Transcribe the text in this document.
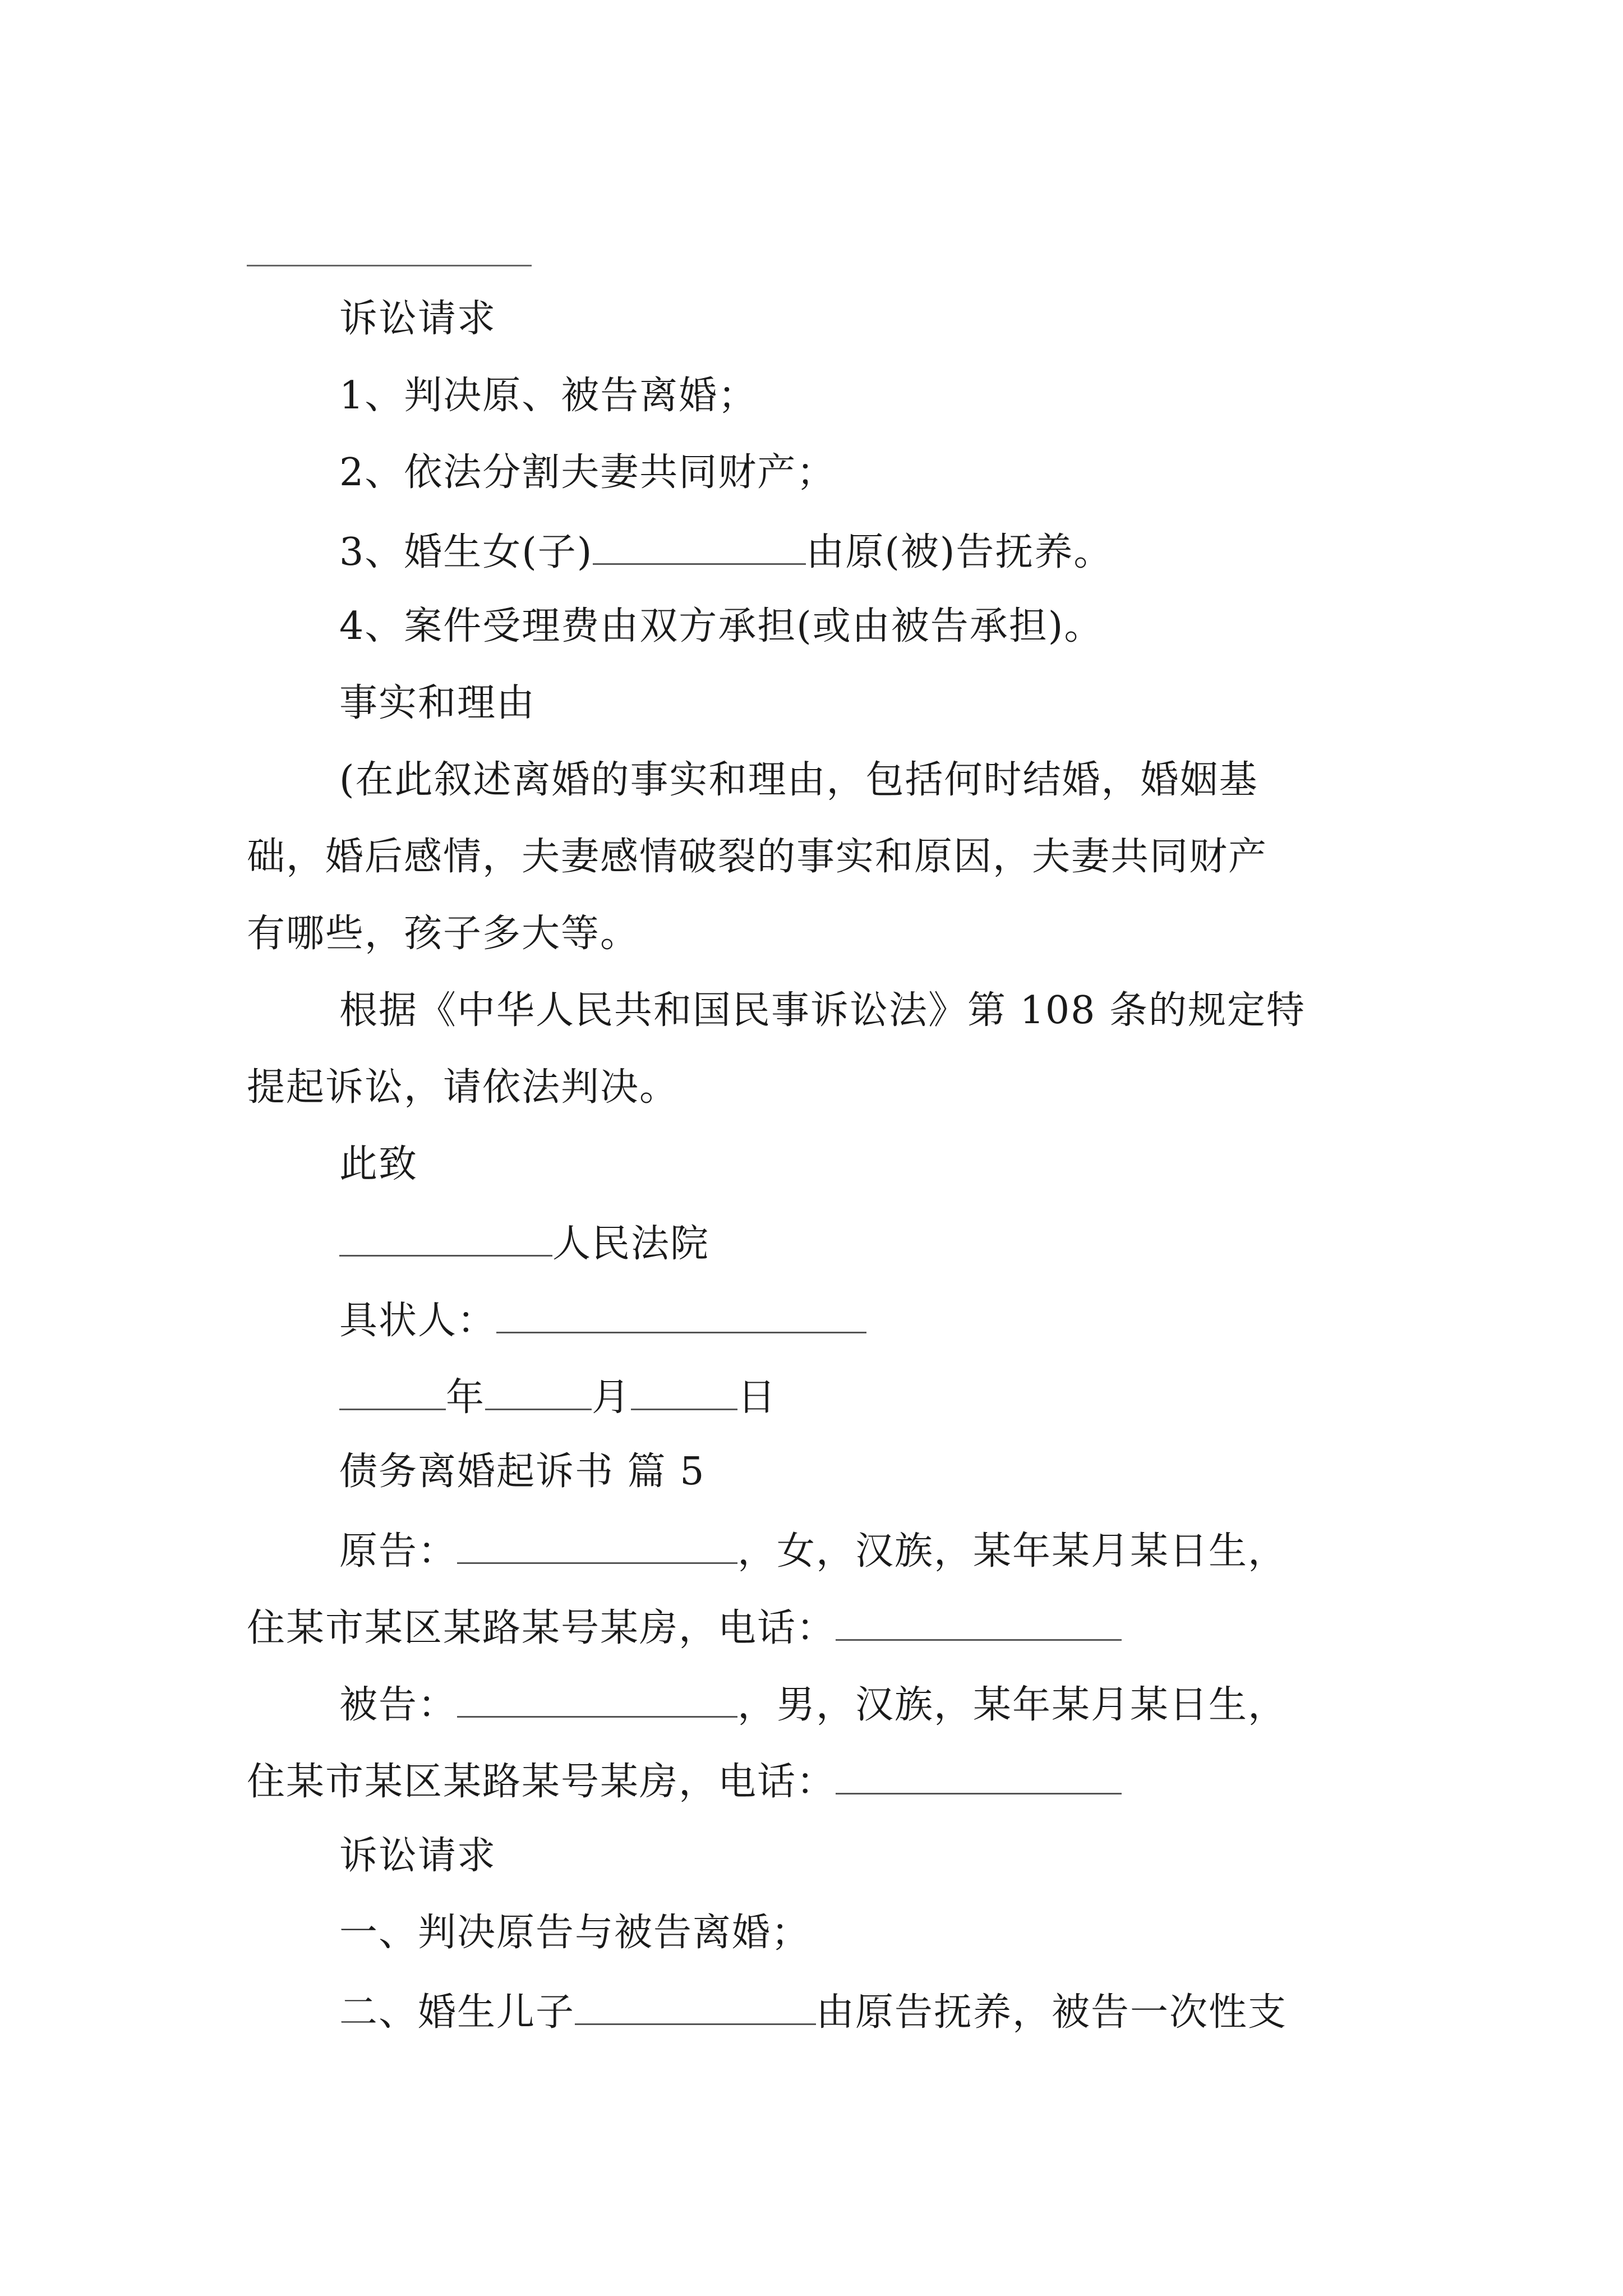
诉讼请求
1、判决原、被告离婚；
2、依法分割夫妻共同财产；
3、婚生女(子)	由原(被)告抚养。
4、案件受理费由双方承担(或由被告承担)。
事实和理由
(在此叙述离婚的事实和理由，包括何时结婚，婚姻基
础，婚后感情，夫妻感情破裂的事实和原因，夫妻共同财产
有哪些，孩子多大等。
根据《中华人民共和国民事诉讼法》第 108 条的规定特
提起诉讼，请依法判决。
此致
人民法院
具状人：
年	月	日
债务离婚起诉书 篇 5
原告：	，女，汉族，某年某月某日生，
住某市某区某路某号某房，电话：
被告：	，男，汉族，某年某月某日生，
住某市某区某路某号某房，电话：
诉讼请求
一、判决原告与被告离婚；
二、婚生儿子	由原告抚养，被告一次性支
